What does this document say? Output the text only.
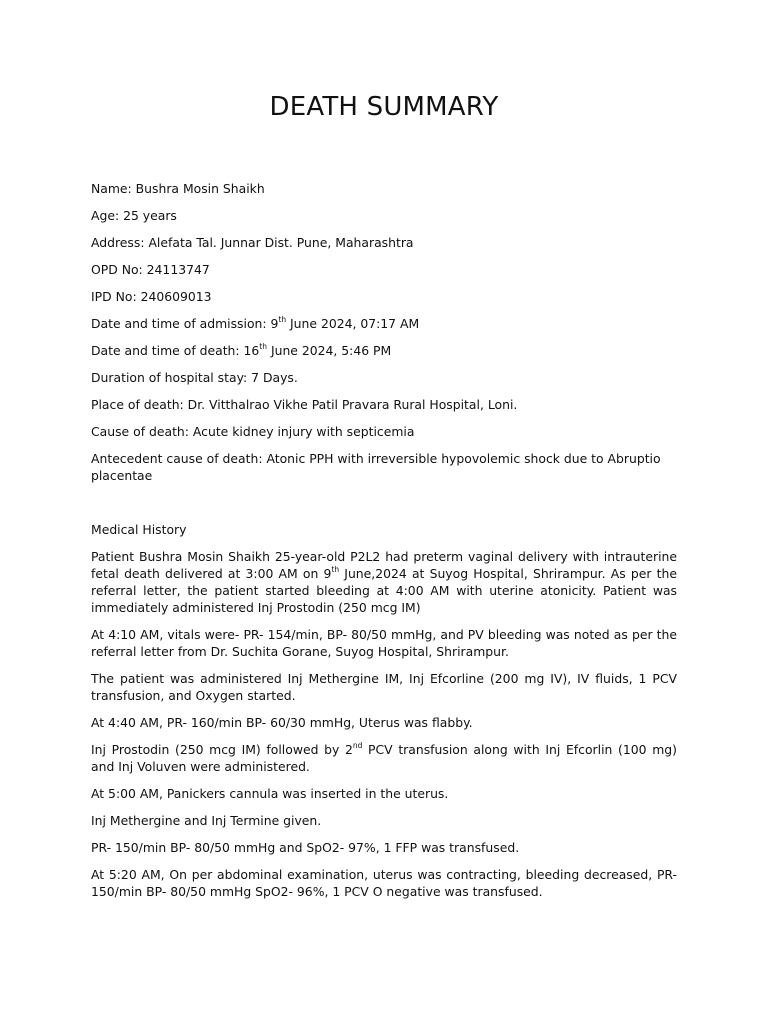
DEATH SUMMARY

Name: Bushra Mosin Shaikh

Age: 25 years

Address: Alefata Tal. Junnar Dist. Pune, Maharashtra

OPD No: 24113747

IPD No: 240609013

Date and time of admission: 9th June 2024, 07:17 AM

Date and time of death: 16th June 2024, 5:46 PM

Duration of hospital stay: 7 Days.

Place of death: Dr. Vitthalrao Vikhe Patil Pravara Rural Hospital, Loni.

Cause of death: Acute kidney injury with septicemia

Antecedent cause of death: Atonic PPH with irreversible hypovolemic shock due to Abruptio placentae

Medical History

Patient Bushra Mosin Shaikh 25-year-old P2L2 had preterm vaginal delivery with intrauterine fetal death delivered at 3:00 AM on 9th June,2024 at Suyog Hospital, Shrirampur. As per the referral letter, the patient started bleeding at 4:00 AM with uterine atonicity. Patient was immediately administered Inj Prostodin (250 mcg IM)

At 4:10 AM, vitals were- PR- 154/min, BP- 80/50 mmHg, and PV bleeding was noted as per the referral letter from Dr. Suchita Gorane, Suyog Hospital, Shrirampur.

The patient was administered Inj Methergine IM, Inj Efcorline (200 mg IV), IV fluids, 1 PCV transfusion, and Oxygen started.

At 4:40 AM, PR- 160/min BP- 60/30 mmHg, Uterus was flabby.

Inj Prostodin (250 mcg IM) followed by 2nd PCV transfusion along with Inj Efcorlin (100 mg) and Inj Voluven were administered.

At 5:00 AM, Panickers cannula was inserted in the uterus.

Inj Methergine and Inj Termine given.

PR- 150/min BP- 80/50 mmHg and SpO2- 97%, 1 FFP was transfused.

At 5:20 AM, On per abdominal examination, uterus was contracting, bleeding decreased, PR-150/min BP- 80/50 mmHg SpO2- 96%, 1 PCV O negative was transfused.
